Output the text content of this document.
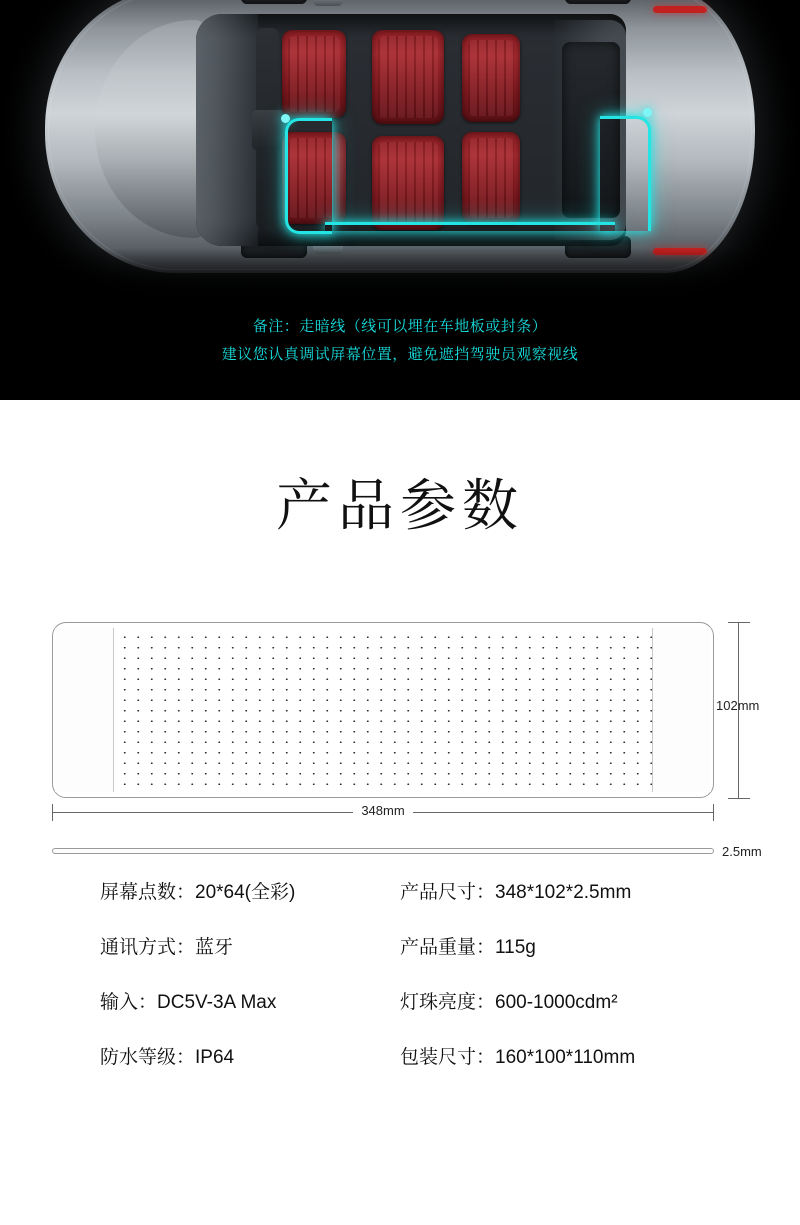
备注：走暗线（线可以埋在车地板或封条）
建议您认真调试屏幕位置，避免遮挡驾驶员观察视线
产品参数
102mm
348mm
2.5mm
屏幕点数：20*64(全彩)	产品尺寸：348*102*2.5mm
通讯方式：蓝牙	产品重量：115g
输入：DC5V-3A Max	灯珠亮度：600-1000cdm²
防水等级：IP64	包装尺寸：160*100*110mm
